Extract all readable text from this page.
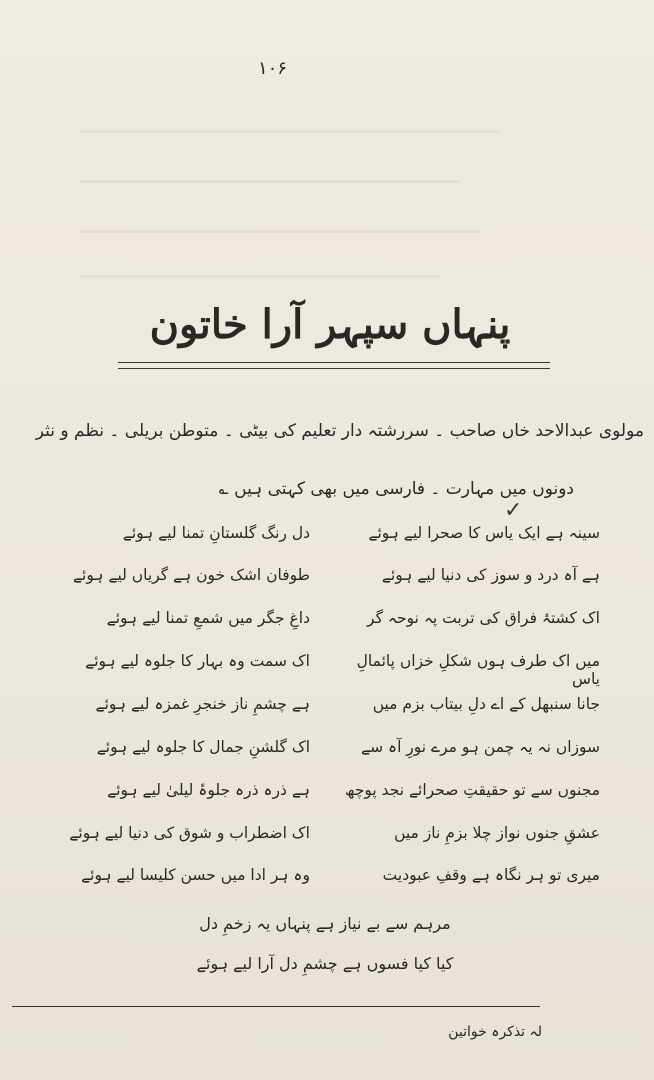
۱۰۶
پنہاں سپہر آرا خاتون
مولوی عبدالاحد خاں صاحب ۔ سررشتہ دار تعلیم کی بیٹی ۔ متوطن بریلی ۔ نظم و نثر
دونوں میں مہارت ۔ فارسی میں بھی کہتی ہیں ؎
✓
سینہ ہے ایک یاس کا صحرا لیے ہوئے
دل رنگ گلستانِ تمنا لیے ہوئے
ہے آہ درد و سوز کی دنیا لیے ہوئے
طوفان اشک خون ہے گریاں لیے ہوئے
اک کشتۂ فراق کی تربت پہ نوحہ گر
داغِ جگر میں شمعِ تمنا لیے ہوئے
میں اک طرف ہوں شکلِ خزاں پائمالِ یاس
اک سمت وہ بہار کا جلوہ لیے ہوئے
جانا سنبھل کے اے دلِ بیتاب بزم میں
ہے چشمِ ناز خنجرِ غمزہ لیے ہوئے
سوزاں نہ یہ چمن ہو مرے نورِ آہ سے
اک گلشنِ جمال کا جلوہ لیے ہوئے
مجنوں سے تو حقیقتِ صحرائے نجد پوچھ
ہے ذرہ ذرہ جلوۂ لیلیٰ لیے ہوئے
عشقِ جنوں نواز چلا بزمِ ناز میں
اک اضطراب و شوق کی دنیا لیے ہوئے
میری تو ہر نگاہ ہے وقفِ عبودیت
وہ ہر ادا میں حسن کلیسا لیے ہوئے
مرہم سے بے نیاز ہے پنہاں یہ زخمِ دل
کیا کیا فسوں ہے چشمِ دل آرا لیے ہوئے
لہ تذکرہ خواتین
